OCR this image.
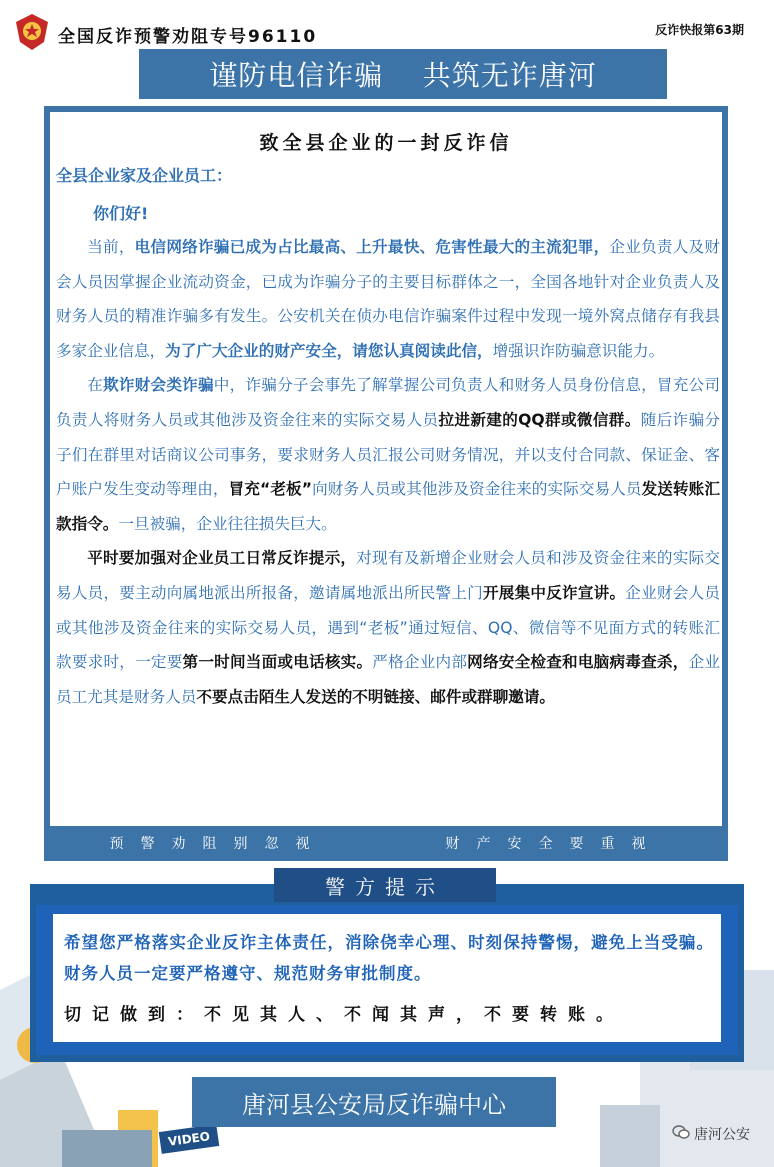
全国反诈预警劝阻专号96110	反诈快报第63期
谨防电信诈骗    共筑无诈唐河
致全县企业的一封反诈信
全县企业家及企业员工：
你们好!

当前，电信网络诈骗已成为占比最高、上升最快、危害性最大的主流犯罪，企业负责人及财会人员因掌握企业流动资金，已成为诈骗分子的主要目标群体之一，全国各地针对企业负责人及财务人员的精准诈骗多有发生。公安机关在侦办电信诈骗案件过程中发现一境外窝点储存有我县多家企业信息，为了广大企业的财产安全，请您认真阅读此信，增强识诈防骗意识能力。

在欺诈财会类诈骗中，诈骗分子会事先了解掌握公司负责人和财务人员身份信息，冒充公司负责人将财务人员或其他涉及资金往来的实际交易人员拉进新建的QQ群或微信群。随后诈骗分子们在群里对话商议公司事务，要求财务人员汇报公司财务情况，并以支付合同款、保证金、客户账户发生变动等理由，冒充“老板”向财务人员或其他涉及资金往来的实际交易人员发送转账汇款指令。一旦被骗，企业往往损失巨大。

平时要加强对企业员工日常反诈提示，对现有及新增企业财会人员和涉及资金往来的实际交易人员，要主动向属地派出所报备，邀请属地派出所民警上门开展集中反诈宣讲。企业财会人员或其他涉及资金往来的实际交易人员，遇到“老板”通过短信、QQ、微信等不见面方式的转账汇款要求时，一定要第一时间当面或电话核实。严格企业内部网络安全检查和电脑病毒查杀，企业员工尤其是财务人员不要点击陌生人发送的不明链接、邮件或群聊邀请。

预警劝阻别忽视	财产安全要重视
警方提示
希望您严格落实企业反诈主体责任，消除侥幸心理、时刻保持警惕，避免上当受骗。财务人员一定要严格遵守、规范财务审批制度。
切记做到：不见其人、不闻其声，不要转账。
VIDEO
唐河县公安局反诈骗中心
唐河公安
